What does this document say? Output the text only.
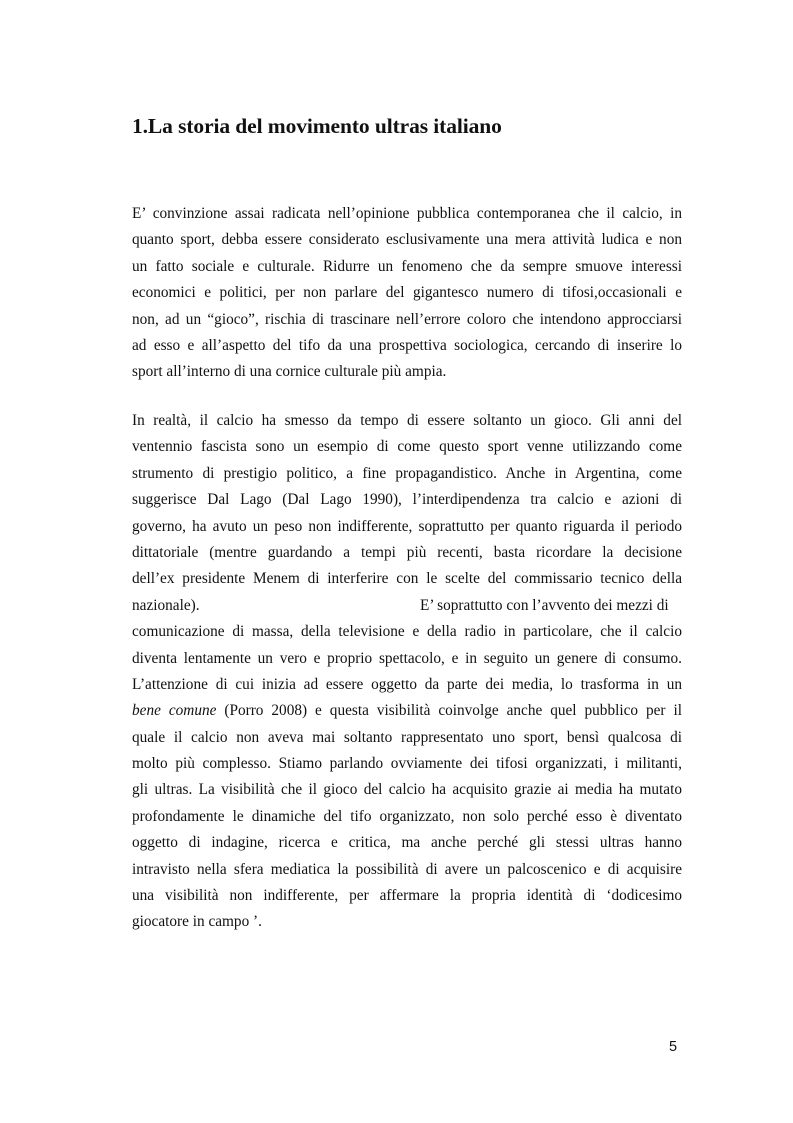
1.La storia del movimento ultras italiano
E’ convinzione assai radicata nell’opinione pubblica contemporanea che il calcio, in
quanto sport, debba essere considerato esclusivamente una mera attività ludica e non
un fatto sociale e culturale. Ridurre un fenomeno che da sempre smuove interessi
economici e politici, per non parlare del gigantesco numero di tifosi,occasionali e
non, ad un “gioco”, rischia di trascinare nell’errore coloro che intendono approcciarsi
ad esso e all’aspetto del tifo da una prospettiva sociologica, cercando di inserire lo
sport all’interno di una cornice culturale più ampia.
In realtà, il calcio ha smesso da tempo di essere soltanto un gioco. Gli anni del
ventennio fascista sono un esempio di come questo sport venne utilizzando come
strumento di prestigio politico, a fine propagandistico. Anche in Argentina, come
suggerisce Dal Lago (Dal Lago 1990), l’interdipendenza tra calcio e azioni di
governo, ha avuto un peso non indifferente, soprattutto per quanto riguarda il periodo
dittatoriale (mentre guardando a tempi più recenti, basta ricordare la decisione
dell’ex presidente Menem di interferire con le scelte del commissario tecnico della
nazionale).	E’ soprattutto con l’avvento dei mezzi di
comunicazione di massa, della televisione e della radio in particolare, che il calcio
diventa lentamente un vero e proprio spettacolo, e in seguito un genere di consumo.
L’attenzione di cui inizia ad essere oggetto da parte dei media, lo trasforma in un
bene comune (Porro 2008) e questa visibilità coinvolge anche quel pubblico per il
quale il calcio non aveva mai soltanto rappresentato uno sport, bensì qualcosa di
molto più complesso. Stiamo parlando ovviamente dei tifosi organizzati, i militanti,
gli ultras. La visibilità che il gioco del calcio ha acquisito grazie ai media ha mutato
profondamente le dinamiche del tifo organizzato, non solo perché esso è diventato
oggetto di indagine, ricerca e critica, ma anche perché gli stessi ultras hanno
intravisto nella sfera mediatica la possibilità di avere un palcoscenico e di acquisire
una visibilità non indifferente, per affermare la propria identità di ‘dodicesimo
giocatore in campo ’.

5
